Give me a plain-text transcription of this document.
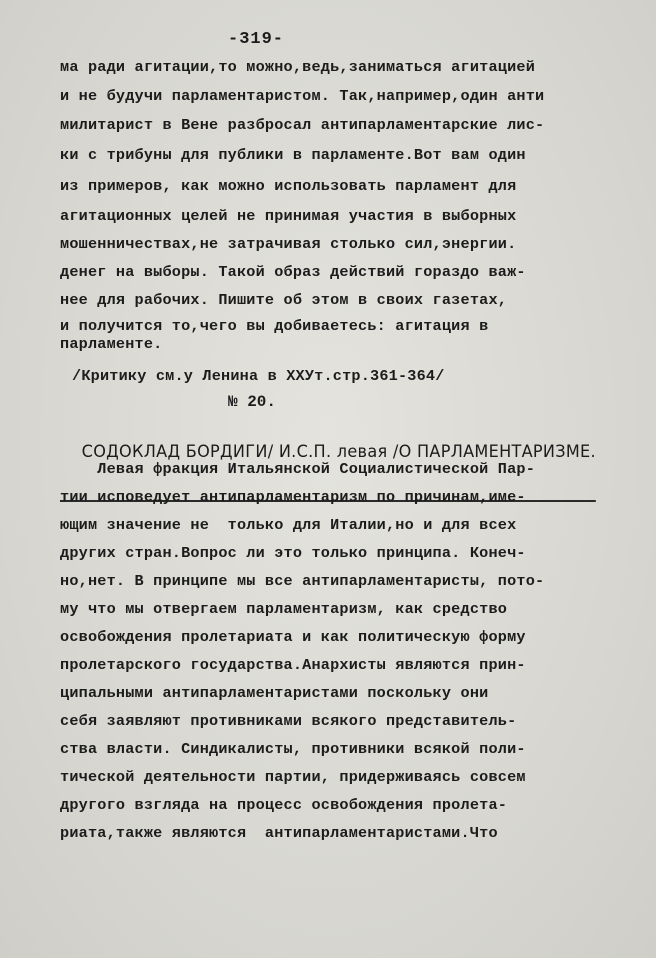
-319-
ма ради агитации,то можно,ведь,заниматься агитацией
и не будучи парламентаристом. Так,например,один анти
милитарист в Вене разбросал антипарламентарские лис-
ки с трибуны для публики в парламенте.Вот вам один
из примеров, как можно использовать парламент для
агитационных целей не принимая участия в выборных
мошенничествах,не затрачивая столько сил,энергии.
денег на выборы. Такой образ действий гораздо важ-
нее для рабочих. Пишите об этом в своих газетах,
и получится то,чего вы добиваетесь: агитация в
парламенте.
/Критику см.у Ленина в XXУт.стр.361-364/
№ 20.

СОДОКЛАД БОРДИГИ/ И.С.П. левая /О ПАРЛАМЕНТАРИЗМЕ.

Левая фракция Итальянской Социалистической Пар-
тии исповедует антипарламентаризм по причинам,име-
ющим значение не  только для Италии,но и для всех
других стран.Вопрос ли это только принципа. Конеч-
но,нет. В принципе мы все антипарламентаристы, пото-
му что мы отвергаем парламентаризм, как средство
освобождения пролетариата и как политическую форму
пролетарского государства.Анархисты являются прин-
ципальными антипарламентаристами поскольку они
себя заявляют противниками всякого представитель-
ства власти. Синдикалисты, противники всякой поли-
тической деятельности партии, придерживаясь совсем
другого взгляда на процесс освобождения пролета-
риата,также являются  антипарламентаристами.Что
